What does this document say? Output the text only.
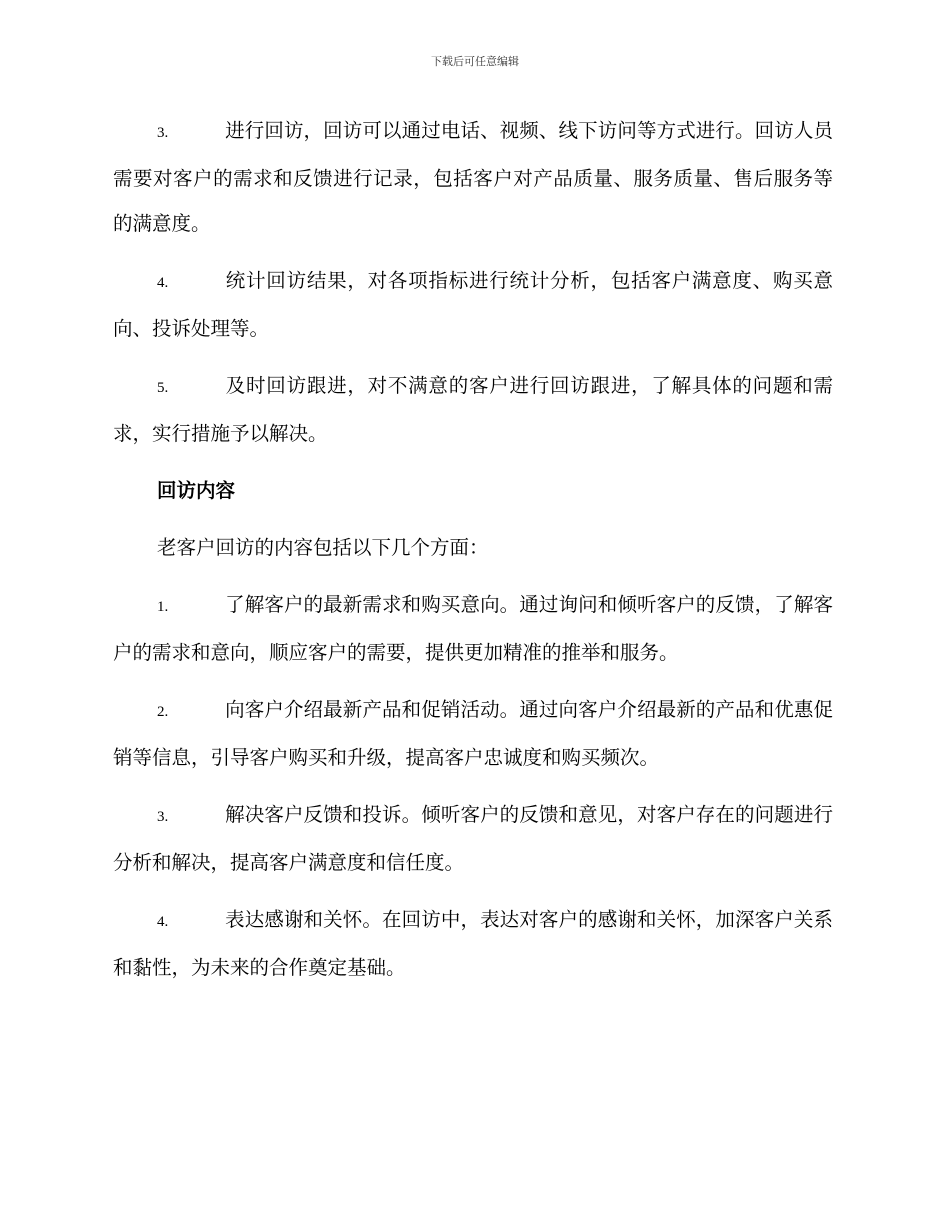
下载后可任意编辑

3.	进行回访，回访可以通过电话、视频、线下访问等方式进行。回访人员需要对客户的需求和反馈进行记录，包括客户对产品质量、服务质量、售后服务等的满意度。

4.	统计回访结果，对各项指标进行统计分析，包括客户满意度、购买意向、投诉处理等。

5.	及时回访跟进，对不满意的客户进行回访跟进，了解具体的问题和需求，实行措施予以解决。

回访内容

老客户回访的内容包括以下几个方面：

1.	了解客户的最新需求和购买意向。通过询问和倾听客户的反馈，了解客户的需求和意向，顺应客户的需要，提供更加精准的推举和服务。

2.	向客户介绍最新产品和促销活动。通过向客户介绍最新的产品和优惠促销等信息，引导客户购买和升级，提高客户忠诚度和购买频次。

3.	解决客户反馈和投诉。倾听客户的反馈和意见，对客户存在的问题进行分析和解决，提高客户满意度和信任度。

4.	表达感谢和关怀。在回访中，表达对客户的感谢和关怀，加深客户关系和黏性，为未来的合作奠定基础。
